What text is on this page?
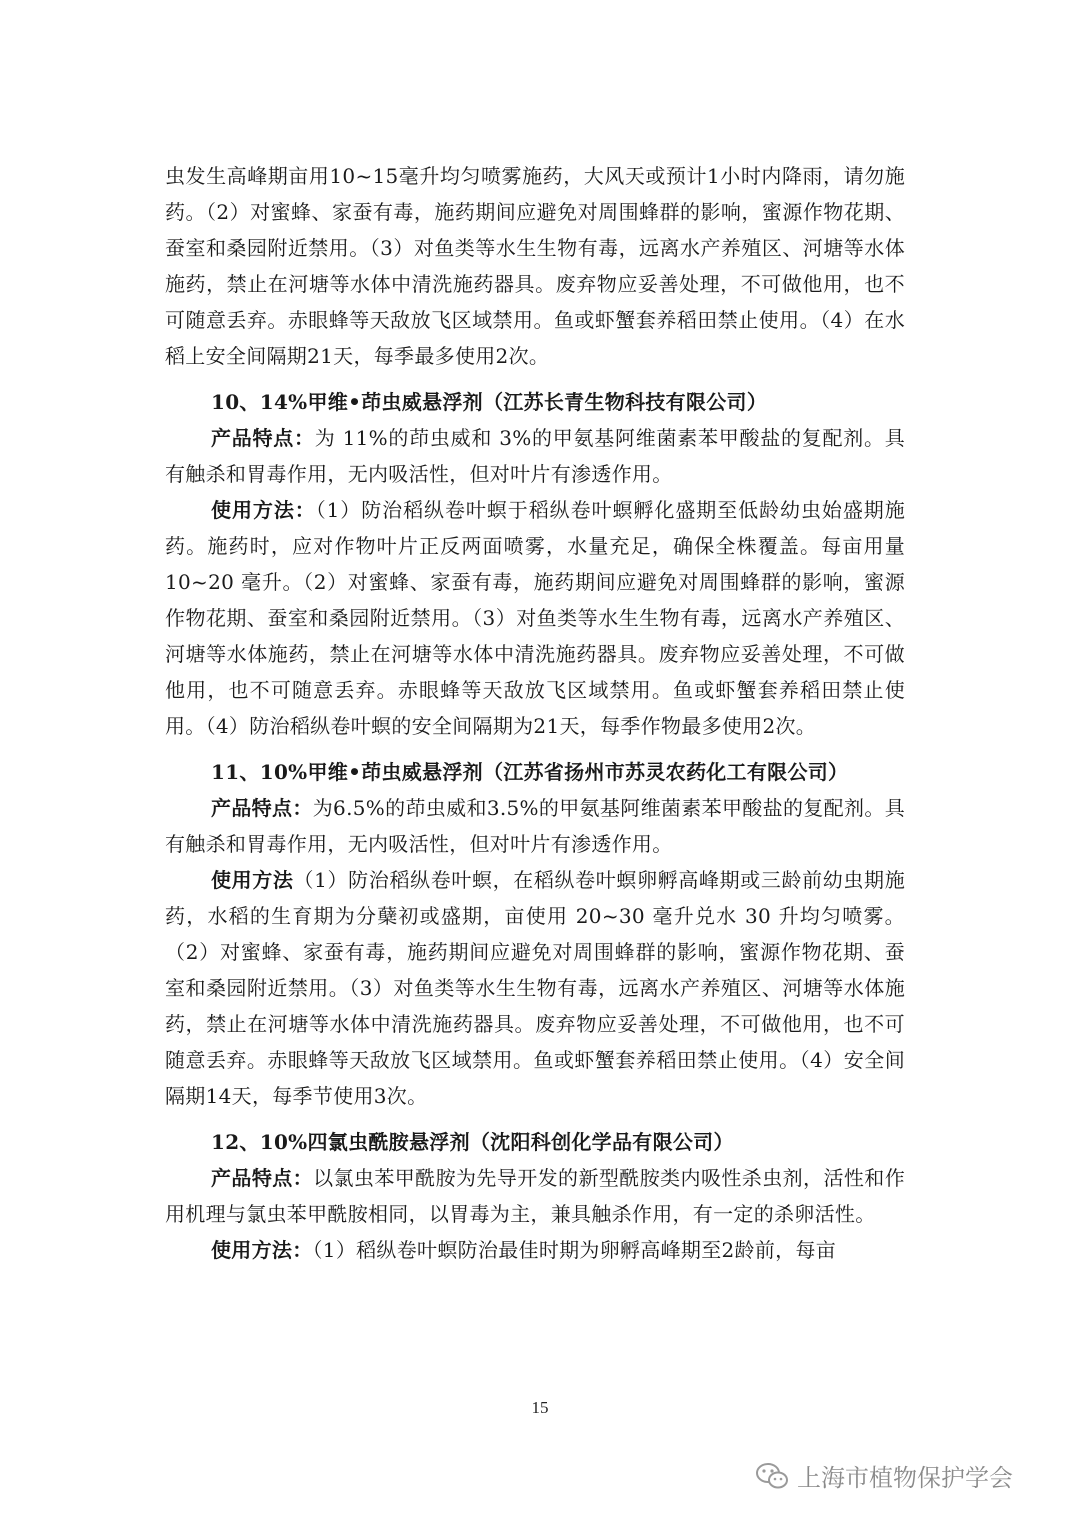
虫发生高峰期亩用10~15毫升均匀喷雾施药，大风天或预计1小时内降雨，请勿施药。（2）对蜜蜂、家蚕有毒，施药期间应避免对周围蜂群的影响，蜜源作物花期、蚕室和桑园附近禁用。（3）对鱼类等水生生物有毒，远离水产养殖区、河塘等水体施药，禁止在河塘等水体中清洗施药器具。废弃物应妥善处理，不可做他用，也不可随意丢弃。赤眼蜂等天敌放飞区域禁用。鱼或虾蟹套养稻田禁止使用。（4）在水稻上安全间隔期21天，每季最多使用2次。

10、14%甲维•茚虫威悬浮剂（江苏长青生物科技有限公司）

产品特点：为 11%的茚虫威和 3%的甲氨基阿维菌素苯甲酸盐的复配剂。具有触杀和胃毒作用，无内吸活性，但对叶片有渗透作用。

使用方法：（1）防治稻纵卷叶螟于稻纵卷叶螟孵化盛期至低龄幼虫始盛期施药。施药时，应对作物叶片正反两面喷雾，水量充足，确保全株覆盖。每亩用量 10~20 毫升。（2）对蜜蜂、家蚕有毒，施药期间应避免对周围蜂群的影响，蜜源作物花期、蚕室和桑园附近禁用。（3）对鱼类等水生生物有毒，远离水产养殖区、河塘等水体施药，禁止在河塘等水体中清洗施药器具。废弃物应妥善处理，不可做他用，也不可随意丢弃。赤眼蜂等天敌放飞区域禁用。鱼或虾蟹套养稻田禁止使用。（4）防治稻纵卷叶螟的安全间隔期为21天，每季作物最多使用2次。

11、10%甲维•茚虫威悬浮剂（江苏省扬州市苏灵农药化工有限公司）

产品特点：为6.5%的茚虫威和3.5%的甲氨基阿维菌素苯甲酸盐的复配剂。具有触杀和胃毒作用，无内吸活性，但对叶片有渗透作用。

使用方法（1）防治稻纵卷叶螟，在稻纵卷叶螟卵孵高峰期或三龄前幼虫期施药，水稻的生育期为分蘖初或盛期，亩使用 20~30 毫升兑水 30 升均匀喷雾。（2）对蜜蜂、家蚕有毒，施药期间应避免对周围蜂群的影响，蜜源作物花期、蚕室和桑园附近禁用。（3）对鱼类等水生生物有毒，远离水产养殖区、河塘等水体施药，禁止在河塘等水体中清洗施药器具。废弃物应妥善处理，不可做他用，也不可随意丢弃。赤眼蜂等天敌放飞区域禁用。鱼或虾蟹套养稻田禁止使用。（4）安全间隔期14天，每季节使用3次。

12、10%四氯虫酰胺悬浮剂（沈阳科创化学品有限公司）

产品特点：以氯虫苯甲酰胺为先导开发的新型酰胺类内吸性杀虫剂，活性和作用机理与氯虫苯甲酰胺相同，以胃毒为主，兼具触杀作用，有一定的杀卵活性。

使用方法：（1）稻纵卷叶螟防治最佳时期为卵孵高峰期至2龄前，每亩

15
上海市植物保护学会
